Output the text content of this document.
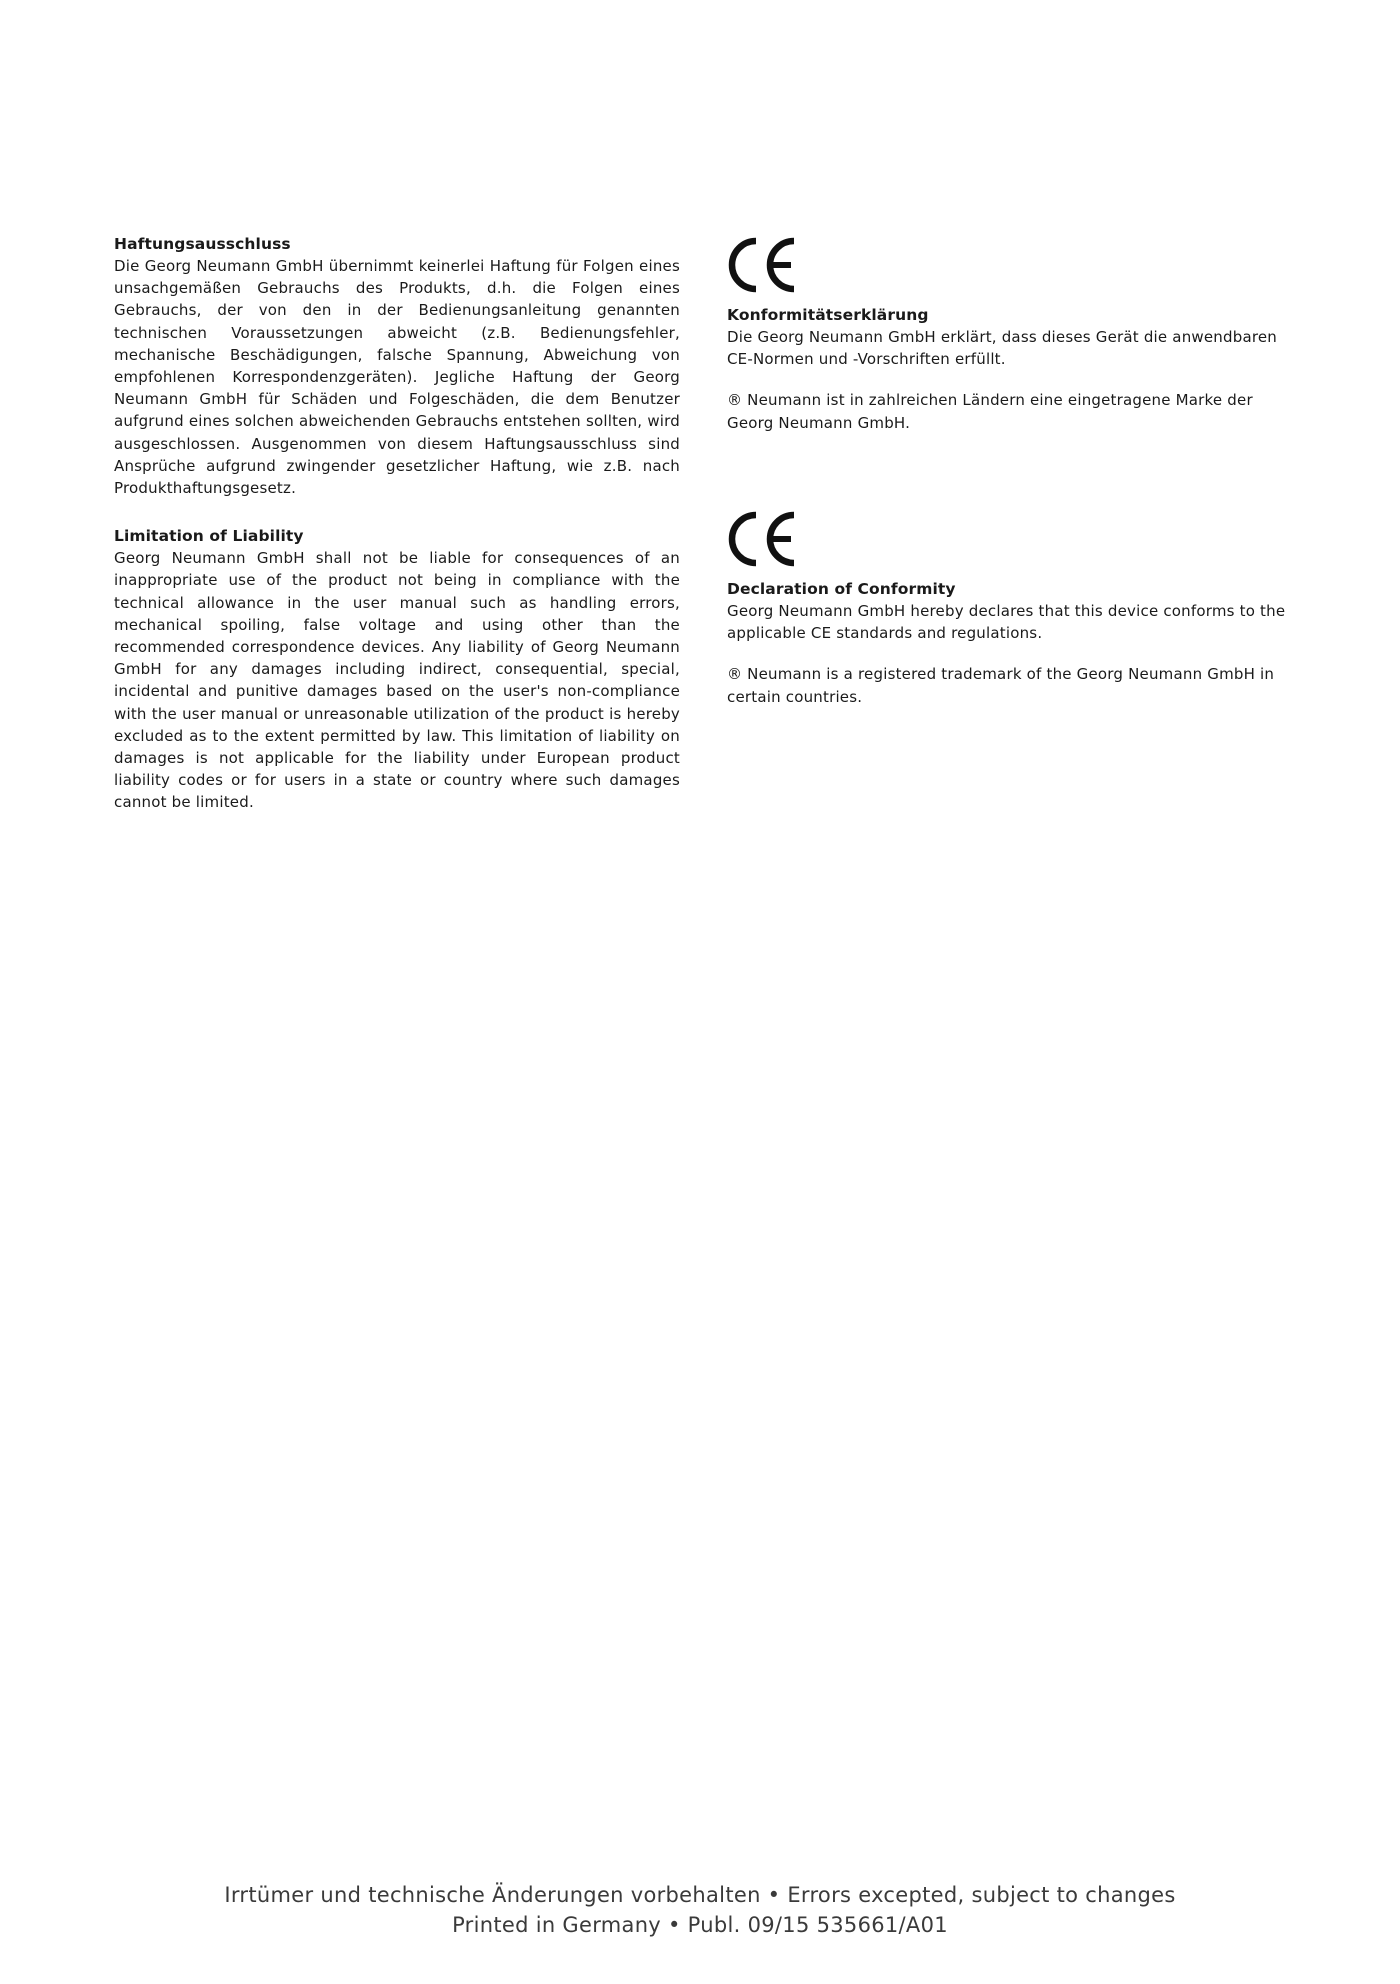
Haftungsausschluss

Die Georg Neumann GmbH übernimmt keinerlei Haftung für Folgen eines unsachgemäßen Gebrauchs des Produkts, d.h. die Folgen eines Gebrauchs, der von den in der Bedienungsanleitung genannten technischen Voraussetzungen abweicht (z.B. Bedienungsfehler, mechanische Beschädigungen, falsche Spannung, Abweichung von empfohlenen Korrespondenzgeräten). Jegliche Haftung der Georg Neumann GmbH für Schäden und Folgeschäden, die dem Benutzer aufgrund eines solchen abweichenden Gebrauchs entstehen sollten, wird ausgeschlossen. Ausgenommen von diesem Haftungsausschluss sind Ansprüche aufgrund zwingender gesetzlicher Haftung, wie z.B. nach Produkthaftungsgesetz.

Limitation of Liability

Georg Neumann GmbH shall not be liable for consequences of an inappropriate use of the product not being in compliance with the technical allowance in the user manual such as handling errors, mechanical spoiling, false voltage and using other than the recommended correspondence devices. Any liability of Georg Neumann GmbH for any damages including indirect, consequential, special, incidental and punitive damages based on the user's non-compliance with the user manual or unreasonable utilization of the product is hereby excluded as to the extent permitted by law. This limitation of liability on damages is not applicable for the liability under European product liability codes or for users in a state or country where such damages cannot be limited.

Konformitätserklärung

Die Georg Neumann GmbH erklärt, dass dieses Gerät die anwendbaren CE-Normen und -Vorschriften erfüllt.

® Neumann ist in zahlreichen Ländern eine eingetragene Marke der Georg Neumann GmbH.

Declaration of Conformity

Georg Neumann GmbH hereby declares that this device conforms to the applicable CE standards and regulations.

® Neumann is a registered trademark of the Georg Neumann GmbH in certain countries.

Irrtümer und technische Änderungen vorbehalten • Errors excepted, subject to changes

Printed in Germany • Publ. 09/15 535661/A01
